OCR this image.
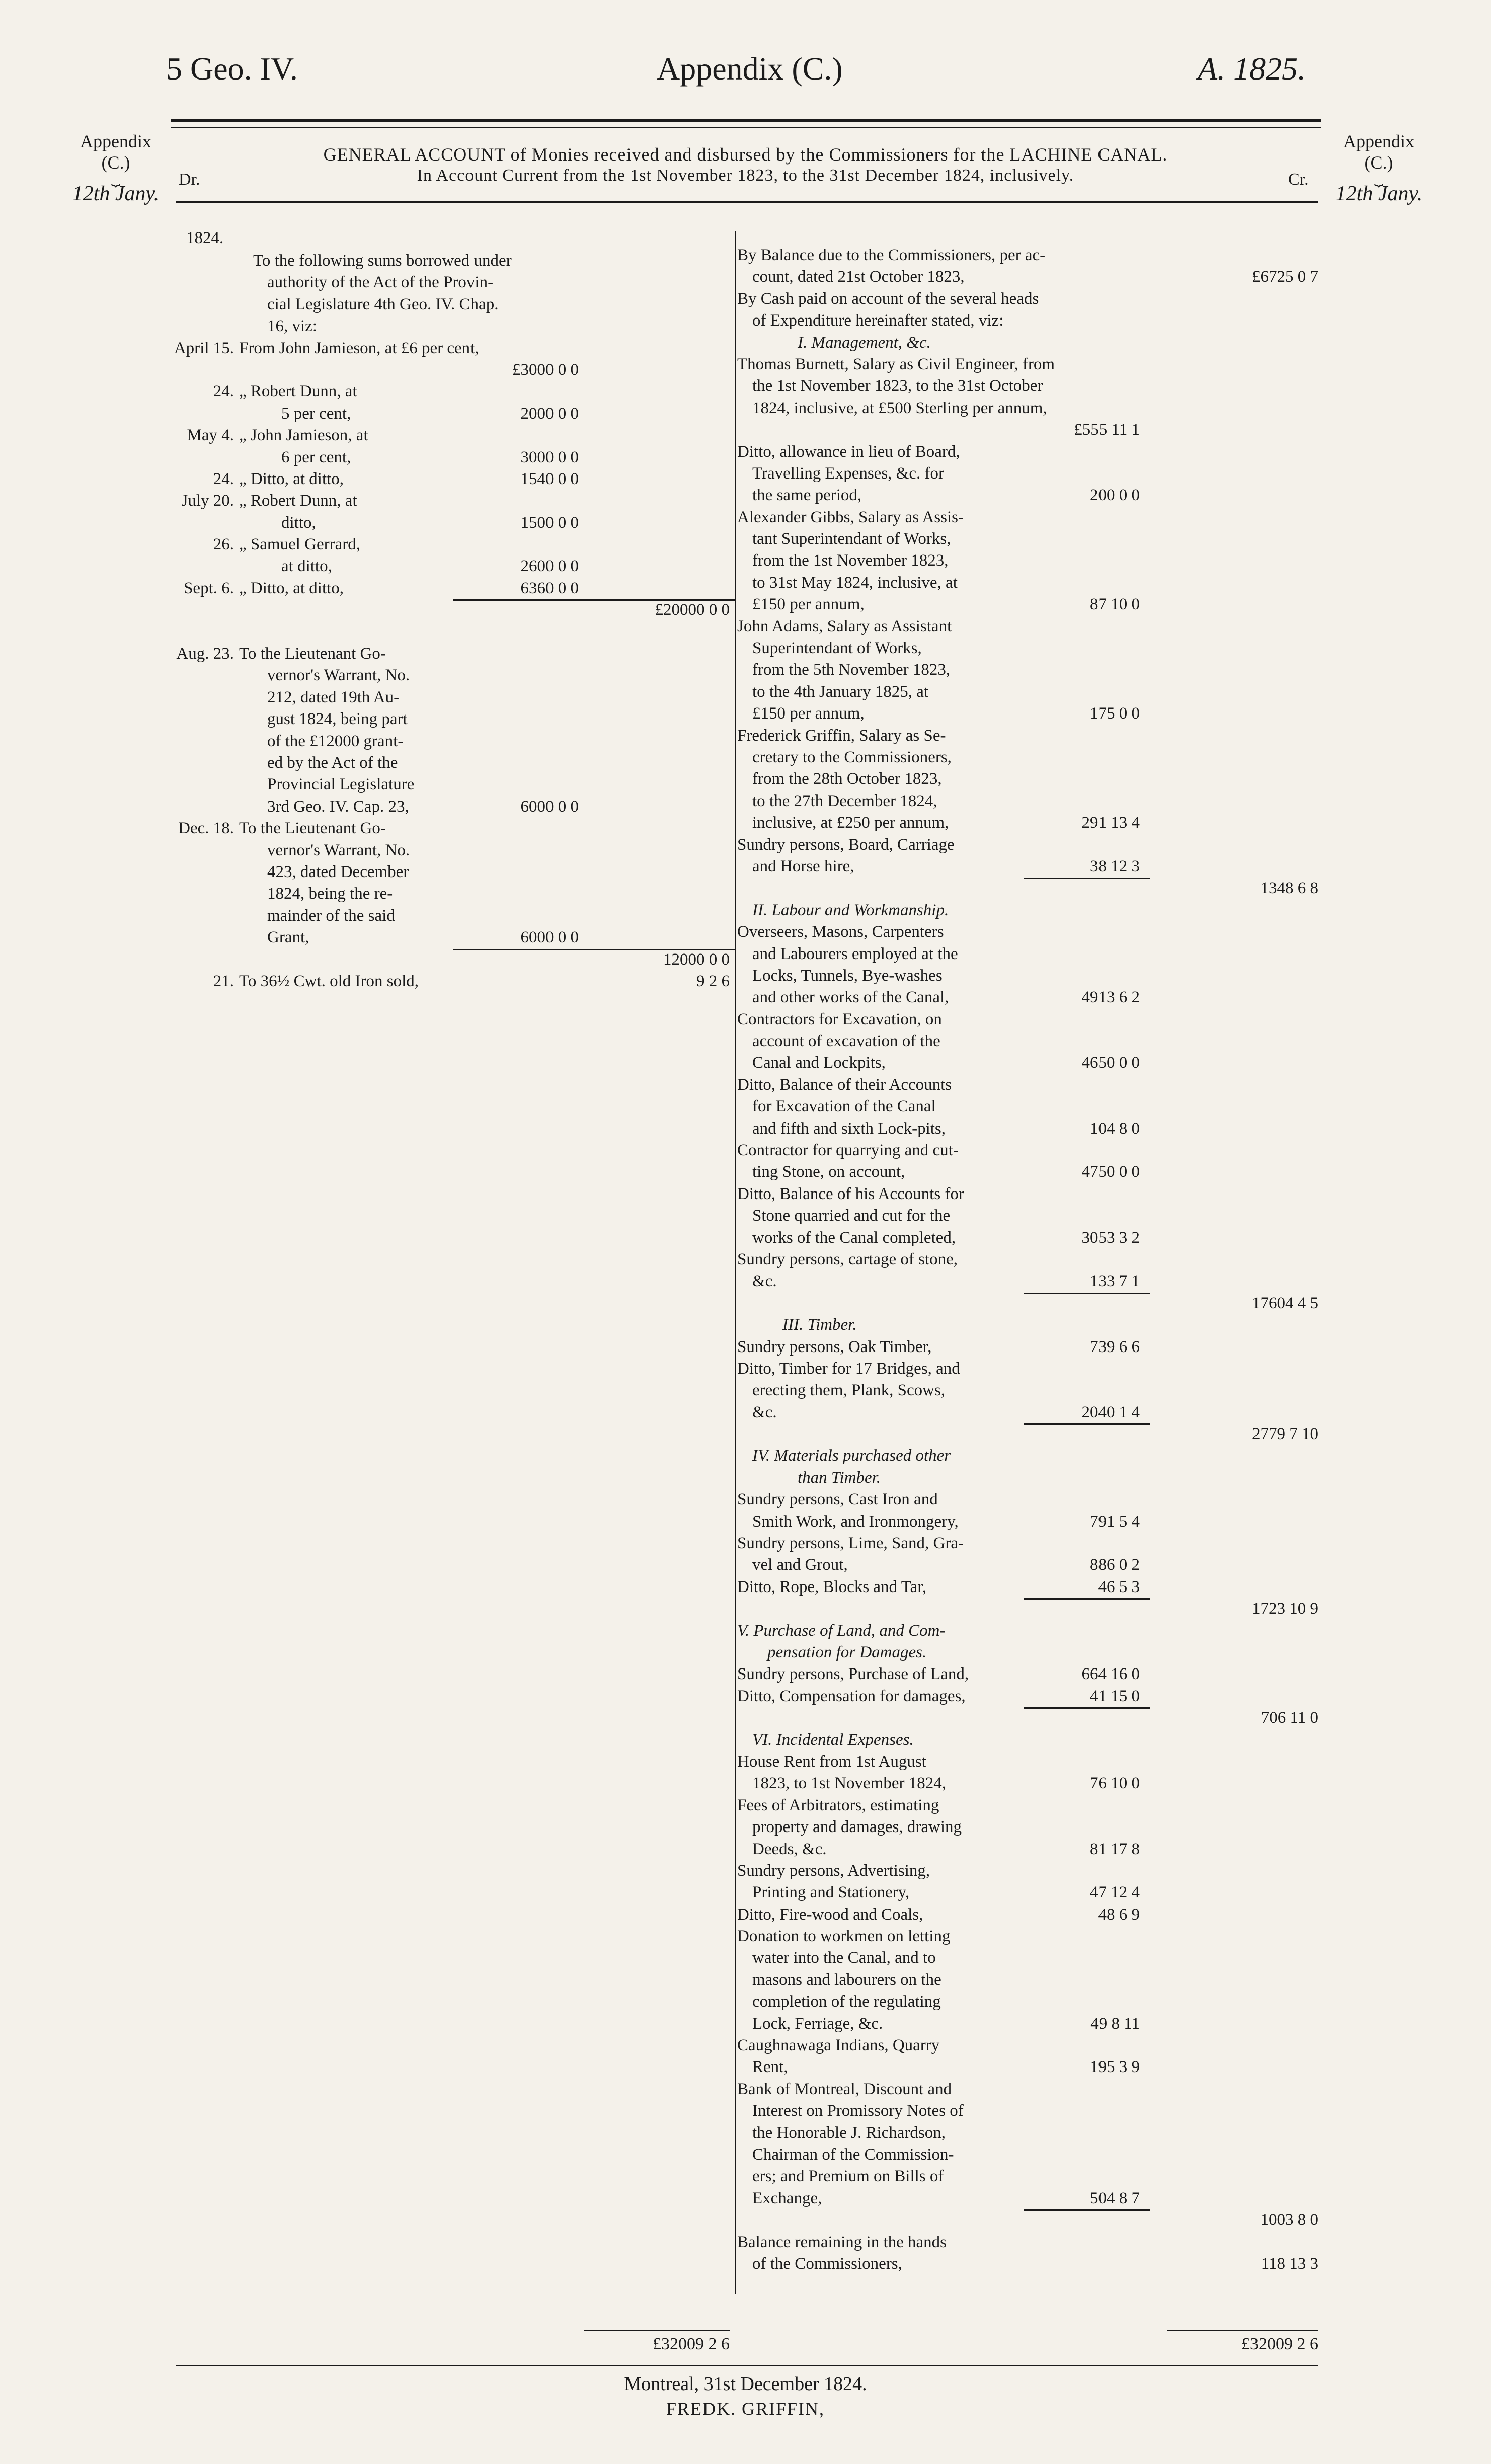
5 Geo. IV.	Appendix (C.)	A. 1825.
Appendix
(C.)
⏟
12th Jany.
Appendix
(C.)
⏟
12th Jany.
GENERAL ACCOUNT of Monies received and disbursed by the Commissioners for the LACHINE CANAL.
In Account Current from the 1st November 1823, to the 31st December 1824, inclusively.
Dr.	Cr.
1824.
To the following sums borrowed under
authority of the Act of the Provin-
cial Legislature 4th Geo. IV. Chap.
16, viz:
April 15. From John Jamieson, at £6 per cent,
£3000 0 0
24. „ Robert Dunn, at
5 per cent,	2000 0 0
May 4. „ John Jamieson, at
6 per cent,	3000 0 0
24. „ Ditto, at ditto,	1540 0 0
July 20. „ Robert Dunn, at
ditto,	1500 0 0
26. „ Samuel Gerrard,
at ditto,	2600 0 0
Sept. 6. „ Ditto, at ditto,	6360 0 0
£20000 0 0
Aug. 23. To the Lieutenant Go-
vernor's Warrant, No.
212, dated 19th Au-
gust 1824, being part
of the £12000 grant-
ed by the Act of the
Provincial Legislature
3rd Geo. IV. Cap. 23,	6000 0 0
Dec. 18. To the Lieutenant Go-
vernor's Warrant, No.
423, dated December
1824, being the re-
mainder of the said
Grant,	6000 0 0
12000 0 0
21. To 36½ Cwt. old Iron sold,	9 2 6
By Balance due to the Commissioners, per ac-
count, dated 21st October 1823,	£6725 0 7
By Cash paid on account of the several heads
of Expenditure hereinafter stated, viz:
I. Management, &c.
Thomas Burnett, Salary as Civil Engineer, from
the 1st November 1823, to the 31st October
1824, inclusive, at £500 Sterling per annum,
£555 11 1
Ditto, allowance in lieu of Board,
Travelling Expenses, &c. for
the same period,	200 0 0
Alexander Gibbs, Salary as Assis-
tant Superintendant of Works,
from the 1st November 1823,
to 31st May 1824, inclusive, at
£150 per annum,	87 10 0
John Adams, Salary as Assistant
Superintendant of Works,
from the 5th November 1823,
to the 4th January 1825, at
£150 per annum,	175 0 0
Frederick Griffin, Salary as Se-
cretary to the Commissioners,
from the 28th October 1823,
to the 27th December 1824,
inclusive, at £250 per annum,	291 13 4
Sundry persons, Board, Carriage
and Horse hire,	38 12 3
1348 6 8
II. Labour and Workmanship.
Overseers, Masons, Carpenters
and Labourers employed at the
Locks, Tunnels, Bye-washes
and other works of the Canal,	4913 6 2
Contractors for Excavation, on
account of excavation of the
Canal and Lockpits,	4650 0 0
Ditto, Balance of their Accounts
for Excavation of the Canal
and fifth and sixth Lock-pits,	104 8 0
Contractor for quarrying and cut-
ting Stone, on account,	4750 0 0
Ditto, Balance of his Accounts for
Stone quarried and cut for the
works of the Canal completed,	3053 3 2
Sundry persons, cartage of stone,
&c.	133 7 1
17604 4 5
III. Timber.
Sundry persons, Oak Timber,	739 6 6
Ditto, Timber for 17 Bridges, and
erecting them, Plank, Scows,
&c.	2040 1 4
2779 7 10
IV. Materials purchased other
than Timber.
Sundry persons, Cast Iron and
Smith Work, and Ironmongery,	791 5 4
Sundry persons, Lime, Sand, Gra-
vel and Grout,	886 0 2
Ditto, Rope, Blocks and Tar,	46 5 3
1723 10 9
V. Purchase of Land, and Com-
pensation for Damages.
Sundry persons, Purchase of Land,	664 16 0
Ditto, Compensation for damages,	41 15 0
706 11 0
VI. Incidental Expenses.
House Rent from 1st August
1823, to 1st November 1824,	76 10 0
Fees of Arbitrators, estimating
property and damages, drawing
Deeds, &c.	81 17 8
Sundry persons, Advertising,
Printing and Stationery,	47 12 4
Ditto, Fire-wood and Coals,	48 6 9
Donation to workmen on letting
water into the Canal, and to
masons and labourers on the
completion of the regulating
Lock, Ferriage, &c.	49 8 11
Caughnawaga Indians, Quarry
Rent,	195 3 9
Bank of Montreal, Discount and
Interest on Promissory Notes of
the Honorable J. Richardson,
Chairman of the Commission-
ers; and Premium on Bills of
Exchange,	504 8 7
1003 8 0
Balance remaining in the hands
of the Commissioners,	118 13 3
£32009 2 6	£32009 2 6
Montreal, 31st December 1824.
FREDK. GRIFFIN,
